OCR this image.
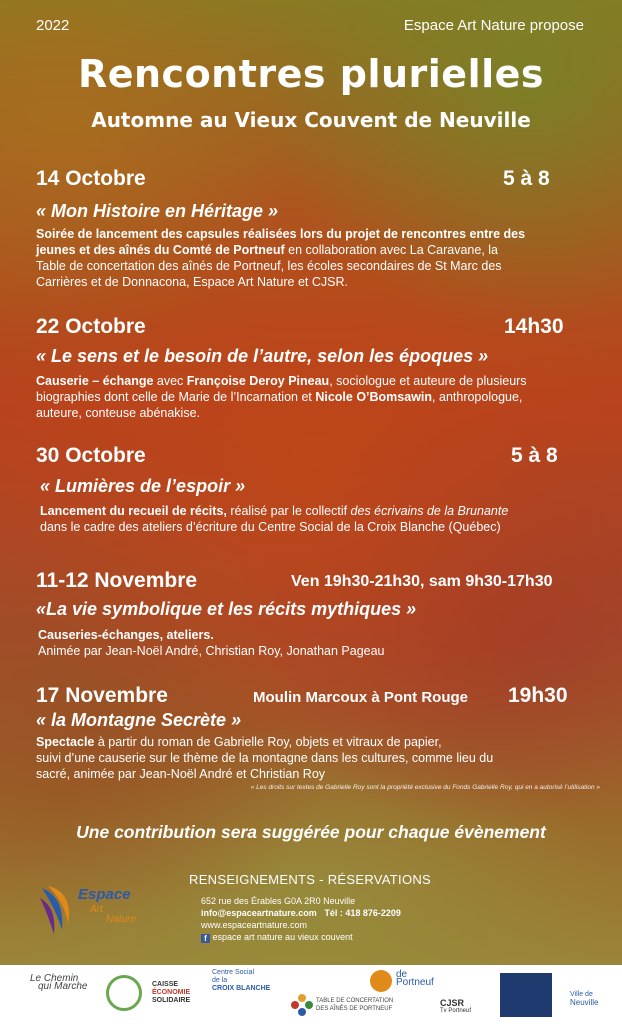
2022	Espace Art Nature propose
Rencontres plurielles
Automne au Vieux Couvent de Neuville
14 Octobre	5 à 8
« Mon Histoire en Héritage »
Soirée de lancement des capsules réalisées lors du projet de rencontres entre des
jeunes et des aînés du Comté de Portneuf en collaboration avec La Caravane, la
Table de concertation des aînés de Portneuf, les écoles secondaires de St Marc des
Carrières et de Donnacona, Espace Art Nature et CJSR.
22 Octobre	14h30
« Le sens et le besoin de l’autre, selon les époques »
Causerie – échange avec Françoise Deroy Pineau, sociologue et auteure de plusieurs
biographies dont celle de Marie de l’Incarnation et Nicole O’Bomsawin, anthropologue,
auteure, conteuse abénakise.
30 Octobre	5 à 8
« Lumières de l’espoir »
Lancement du recueil de récits, réalisé par le collectif des écrivains de la Brunante
dans le cadre des ateliers d’écriture du Centre Social de la Croix Blanche (Québec)
11-12 Novembre	Ven 19h30-21h30, sam 9h30-17h30
«La vie symbolique et les récits mythiques »
Causeries-échanges, ateliers.
Animée par Jean-Noël André, Christian Roy, Jonathan Pageau
17 Novembre	Moulin Marcoux à Pont Rouge 19h30
« la Montagne Secrète »
Spectacle à partir du roman de Gabrielle Roy, objets et vitraux de papier,
suivi d’une causerie sur le thème de la montagne dans les cultures, comme lieu du
sacré, animée par Jean-Noël André et Christian Roy
« Les droits sur textes de Gabrielle Roy sont la propriété exclusive du Fonds Gabrielle Roy, qui en a autorisé l’utilisation »
Une contribution sera suggérée pour chaque évènement
Espace
Art
Nature
RENSEIGNEMENTS - RÉSERVATIONS
652 rue des Érables G0A 2R0 Neuville
info@espaceartnature.com Tél : 418 876-2209
www.espaceartnature.com
f espace art nature au vieux couvent
Le Chemin
qui Marche	CAISSE
ÉCONOMIE
SOLIDAIRE
Centre Social
de la
CROIX BLANCHE
TABLE DE CONCERTATION
DES AÎNÉS DE PORTNEUF
de
Portneuf
CJSR
Tv Portneuf
Ville de
Neuville
